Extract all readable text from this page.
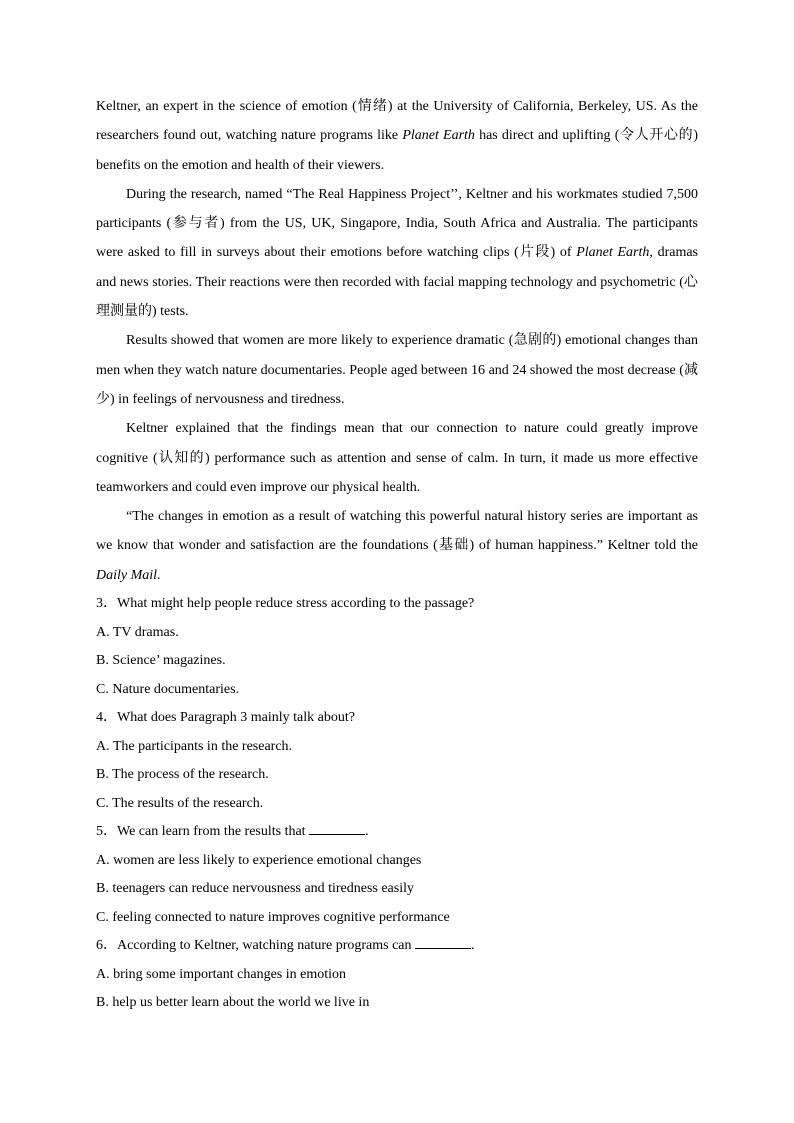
Keltner, an expert in the science of emotion (情绪) at the University of California, Berkeley, US. As the researchers found out, watching nature programs like Planet Earth has direct and uplifting (令人开心的) benefits on the emotion and health of their viewers.

During the research, named “The Real Happiness Project’’, Keltner and his workmates studied 7,500 participants (参与者) from the US, UK, Singapore, India, South Africa and Australia. The participants were asked to fill in surveys about their emotions before watching clips (片段) of Planet Earth, dramas and news stories. Their reactions were then recorded with facial mapping technology and psychometric (心理测量的) tests.

Results showed that women are more likely to experience dramatic (急剧的) emotional changes than men when they watch nature documentaries. People aged between 16 and 24 showed the most decrease (减少) in feelings of nervousness and tiredness.

Keltner explained that the findings mean that our connection to nature could greatly improve cognitive (认知的) performance such as attention and sense of calm. In turn, it made us more effective teamworkers and could even improve our physical health.

“The changes in emotion as a result of watching this powerful natural history series are important as we know that wonder and satisfaction are the foundations (基础) of human happiness.” Keltner told the Daily Mail.

3．What might help people reduce stress according to the passage?

A. TV dramas.

B. Science’ magazines.

C. Nature documentaries.

4．What does Paragraph 3 mainly talk about?

A. The participants in the research.

B. The process of the research.

C. The results of the research.

5．We can learn from the results that	.

A. women are less likely to experience emotional changes

B. teenagers can reduce nervousness and tiredness easily

C. feeling connected to nature improves cognitive performance

6．According to Keltner, watching nature programs can	.

A. bring some important changes in emotion

B. help us better learn about the world we live in
